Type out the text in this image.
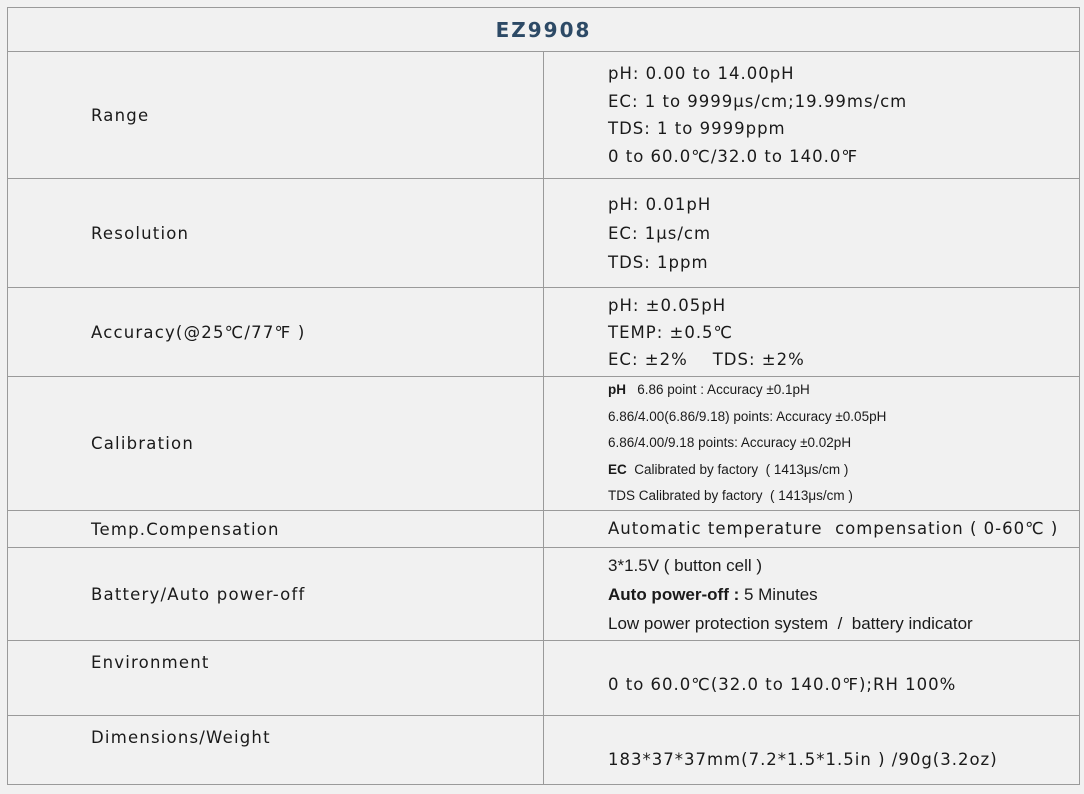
EZ9908	
Range	pH: 0.00 to 14.00pH
EC: 1 to 9999μs/cm;19.99ms/cm
TDS: 1 to 9999ppm
0 to 60.0℃/32.0 to 140.0℉

Resolution	pH: 0.01pH
EC: 1μs/cm
TDS: 1ppm

Accuracy(@25℃/77℉ )	pH: ±0.05pH
TEMP: ±0.5℃
EC: ±2%    TDS: ±2%

Calibration	pH   6.86 point : Accuracy ±0.1pH
6.86/4.00(6.86/9.18) points: Accuracy ±0.05pH
6.86/4.00/9.18 points: Accuracy ±0.02pH
EC  Calibrated by factory  ( 1413μs/cm )
TDS Calibrated by factory  ( 1413μs/cm )

Temp.Compensation	Automatic temperature  compensation ( 0-60℃ )

Battery/Auto power-off	3*1.5V ( button cell )
Auto power-off : 5 Minutes
Low power protection system  /  battery indicator

Environment	0 to 60.0℃(32.0 to 140.0℉);RH 100%

Dimensions/Weight	183*37*37mm(7.2*1.5*1.5in ) /90g(3.2oz)
